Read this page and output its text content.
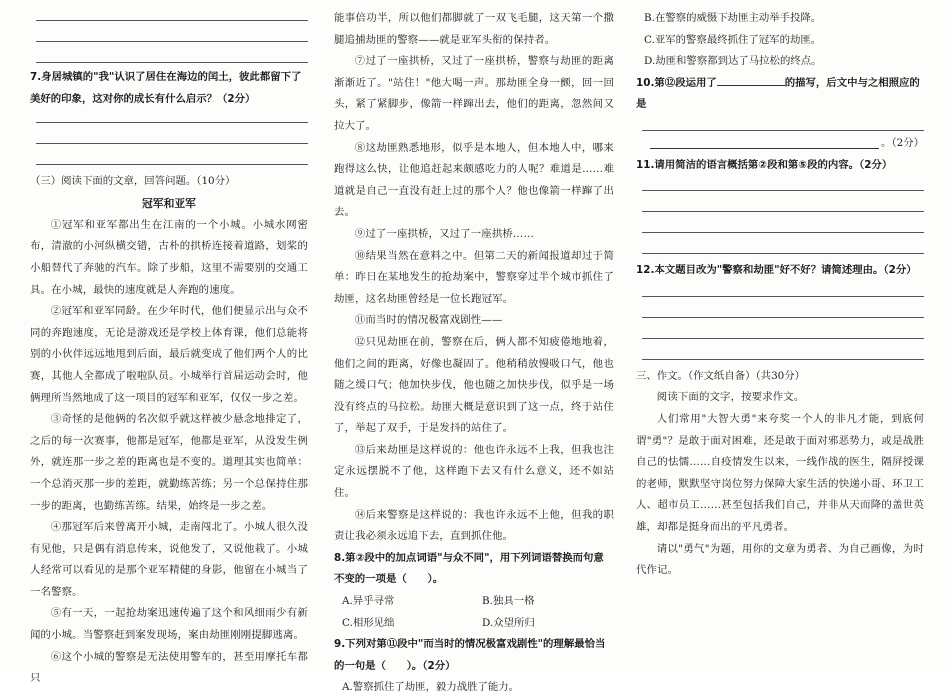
7.身居城镇的"我"认识了居住在海边的闰土，彼此都留下了美好的印象，这对你的成长有什么启示？（2分）

（三）阅读下面的文章，回答问题。（10分）

冠军和亚军

①冠军和亚军都出生在江南的一个小城。小城水网密布，清澈的小河纵横交错，古朴的拱桥连接着道路，划桨的小船替代了奔驰的汽车。除了步船，这里不需要别的交通工具。在小城，最快的速度就是人奔跑的速度。

②冠军和亚军同龄。在少年时代，他们便显示出与众不同的奔跑速度，无论是游戏还是学校上体育课，他们总能将别的小伙伴远远地甩到后面，最后就变成了他们两个人的比赛，其他人全都成了啦啦队员。小城举行首届运动会时，他俩理所当然地成了这一项目的冠军和亚军，仅仅一步之差。

③奇怪的是他俩的名次似乎就这样被少悬念地排定了，之后的每一次赛事，他都是冠军，他都是亚军，从没发生例外，就连那一步之差的距离也是不变的。道理其实也简单：一个总消灭那一步的差距，就勤练苦练；另一个总保持住那一步的距离，也勤练苦练。结果，始终是一步之差。

④那冠军后来曾离开小城，走南闯北了。小城人很久没有见他，只是偶有消息传来，说他发了，又说他栽了。小城人经常可以看见的是那个亚军精健的身影，他留在小城当了一名警察。

⑤有一天，一起抢劫案迅速传遍了这个和风细雨少有新闻的小城。当警察赶到案发现场，案由劫匪刚刚提脚逃离。

⑥这个小城的警察是无法使用警车的，甚至用摩托车都只

能事倍功半，所以他们都脚就了一双飞毛腿，这天第一个撒腿追捕劫匪的警察——就是亚军头衔的保持者。

⑦过了一座拱桥，又过了一座拱桥，警察与劫匪的距离渐渐近了。"站住！"他大喝一声。那劫匪全身一颤，回一回头，紧了紧脚步，像箭一样蹿出去，他们的距离，忽然间又拉大了。

⑧这劫匪熟悉地形，似乎是本地人，但本地人中，哪来跑得这么快，让他追赶起来颇感吃力的人呢？难道是……难道就是自己一直没有赶上过的那个人？他也像箭一样蹿了出去。

⑨过了一座拱桥，又过了一座拱桥……

⑩结果当然在意料之中。但第二天的新闻报道却过于简单：昨日在某地发生的抢劫案中，警察穿过半个城市抓住了劫匪，这名劫匪曾经是一位长跑冠军。

⑪而当时的情况极富戏剧性——

⑫只见劫匪在前，警察在后，俩人都不知疲倦地地着，他们之间的距离，好像也凝固了。他稍稍放慢吸口气，他也随之缓口气；他加快步伐，他也随之加快步伐，似乎是一场没有终点的马拉松。劫匪大概是意识到了这一点，终于站住了，举起了双手，于是发抖的站住了。

⑬后来劫匪是这样说的：他也许永远不上我，但我也注定永远摆脱不了他，这样跑下去又有什么意义，还不如站住。

⑭后来警察是这样说的：我也许永远不上他，但我的职责让我必须永远追下去，直到抓住他。

8.第②段中的加点词语"与众不同"，用下列词语替换而句意不变的一项是（　　）。

A.异乎寻常	B.独具一格
C.相形见绌	D.众望所归

9.下列对第⑪段中"而当时的情况极富戏剧性"的理解最恰当的一句是（　　）。（2分）

A.警察抓住了劫匪，毅力战胜了能力。

B.在警察的威慑下劫匪主动举手投降。

C.亚军的警察最终抓住了冠军的劫匪。

D.劫匪和警察都到达了马拉松的终点。

10.第⑫段运用了	的描写，后文中与之相照应的是

。（2分）

11.请用简洁的语言概括第②段和第⑤段的内容。（2分）

12.本文题目改为"警察和劫匪"好不好？请简述理由。（2分）

三、作文。（作文纸自备）（共30分）

阅读下面的文字，按要求作文。

人们常用"大智大勇"来夸奖一个人的非凡才能，到底何谓"勇"？是敢于面对困难，还是敢于面对邪恶势力，或是战胜自己的怯懦……自疫情发生以来，一线作战的医生，隔屏授课的老师，默默坚守岗位努力保障大家生活的快递小哥、环卫工人、超市员工……甚至包括我们自己，并非从天而降的盖世英雄，却都是挺身而出的平凡勇者。

请以"勇气"为题，用你的文章为勇者、为自己画像，为时代作记。
